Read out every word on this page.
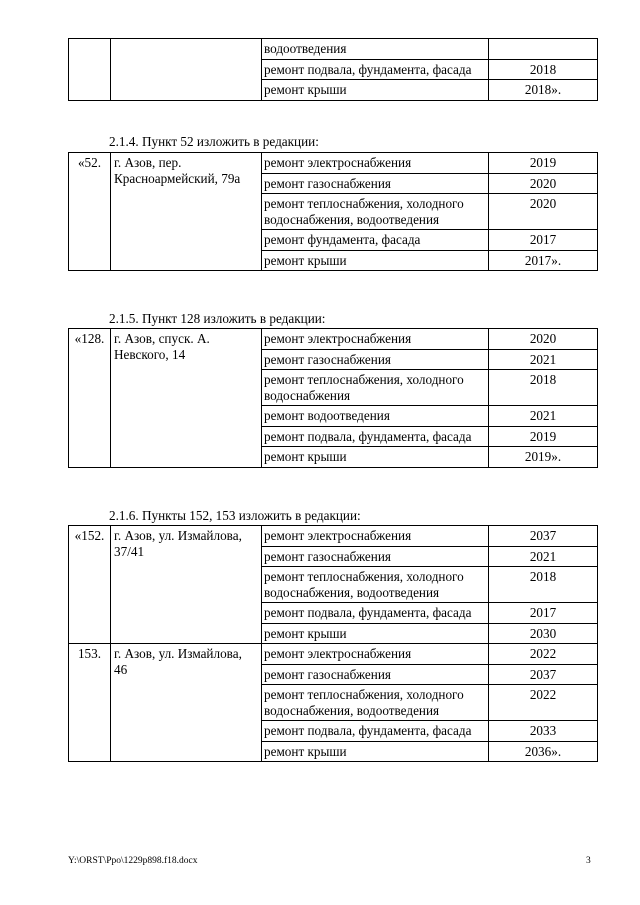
		водоотведения	
		ремонт подвала, фундамента, фасада	2018
		ремонт крыши	2018».
2.1.4. Пункт 52 изложить в редакции:
«52.	г. Азов, пер. Красноармейский, 79а	ремонт электроснабжения	2019
		ремонт газоснабжения	2020
		ремонт теплоснабжения, холодного водоснабжения, водоотведения	2020
		ремонт фундамента, фасада	2017
		ремонт крыши	2017».
2.1.5. Пункт 128 изложить в редакции:
«128.	г. Азов, спуск. А. Невского, 14	ремонт электроснабжения	2020
		ремонт газоснабжения	2021
		ремонт теплоснабжения, холодного водоснабжения	2018
		ремонт водоотведения	2021
		ремонт подвала, фундамента, фасада	2019
		ремонт крыши	2019».
2.1.6. Пункты 152, 153 изложить в редакции:
«152.	г. Азов, ул. Измайлова, 37/41	ремонт электроснабжения	2037
		ремонт газоснабжения	2021
		ремонт теплоснабжения, холодного водоснабжения, водоотведения	2018
		ремонт подвала, фундамента, фасада	2017
		ремонт крыши	2030
153.	г. Азов, ул. Измайлова, 46	ремонт электроснабжения	2022
		ремонт газоснабжения	2037
		ремонт теплоснабжения, холодного водоснабжения, водоотведения	2022
		ремонт подвала, фундамента, фасада	2033
		ремонт крыши	2036».
Y:\ORST\Ppo\1229p898.f18.docx	3
